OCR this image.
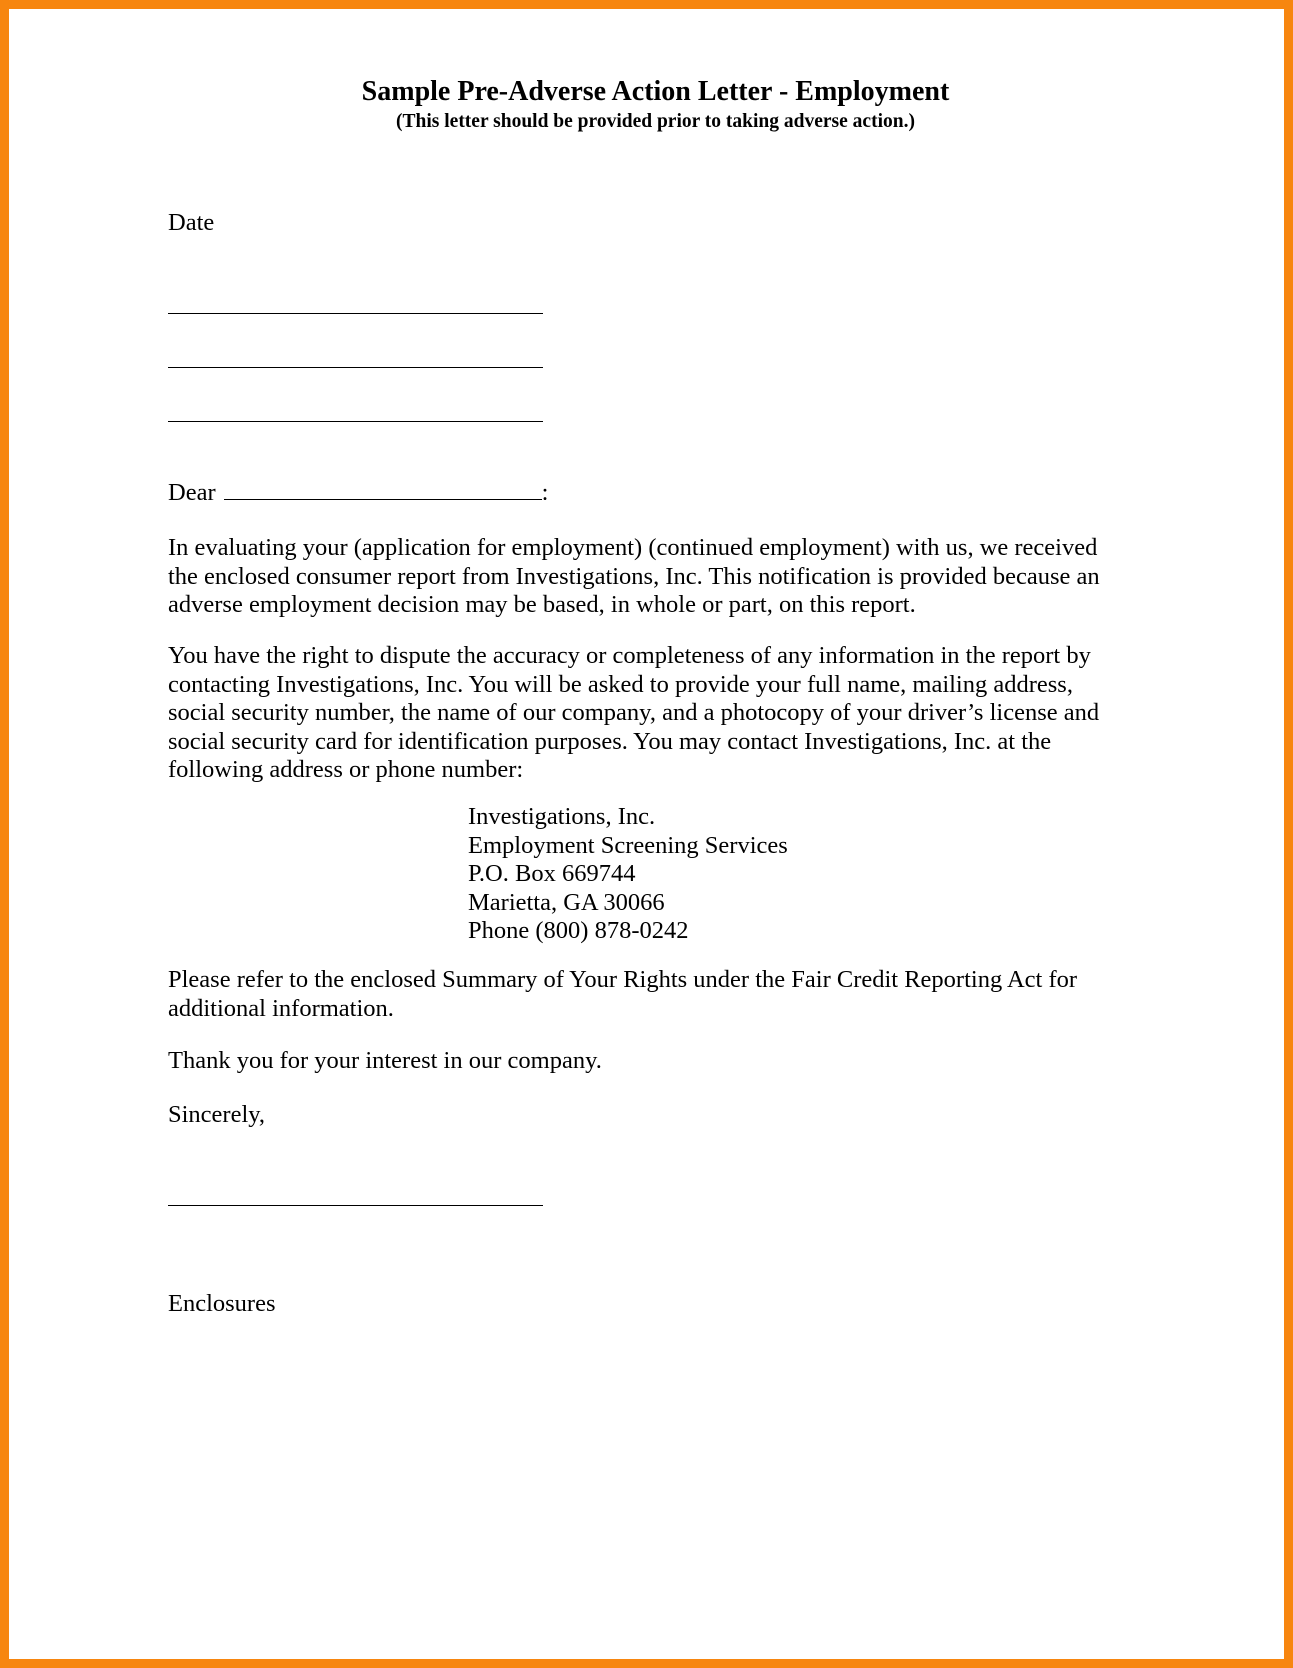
Sample Pre-Adverse Action Letter - Employment
(This letter should be provided prior to taking adverse action.)
Date
Dear	:

In evaluating your (application for employment) (continued employment) with us, we received

the enclosed consumer report from Investigations, Inc. This notification is provided because an

adverse employment decision may be based, in whole or part, on this report.

You have the right to dispute the accuracy or completeness of any information in the report by

contacting Investigations, Inc. You will be asked to provide your full name, mailing address,

social security number, the name of our company, and a photocopy of your driver’s license and

social security card for identification purposes. You may contact Investigations, Inc. at the

following address or phone number:

Investigations, Inc.
Employment Screening Services
P.O. Box 669744
Marietta, GA 30066
Phone (800) 878-0242

Please refer to the enclosed Summary of Your Rights under the Fair Credit Reporting Act for

additional information.

Thank you for your interest in our company.
Sincerely,
Enclosures
